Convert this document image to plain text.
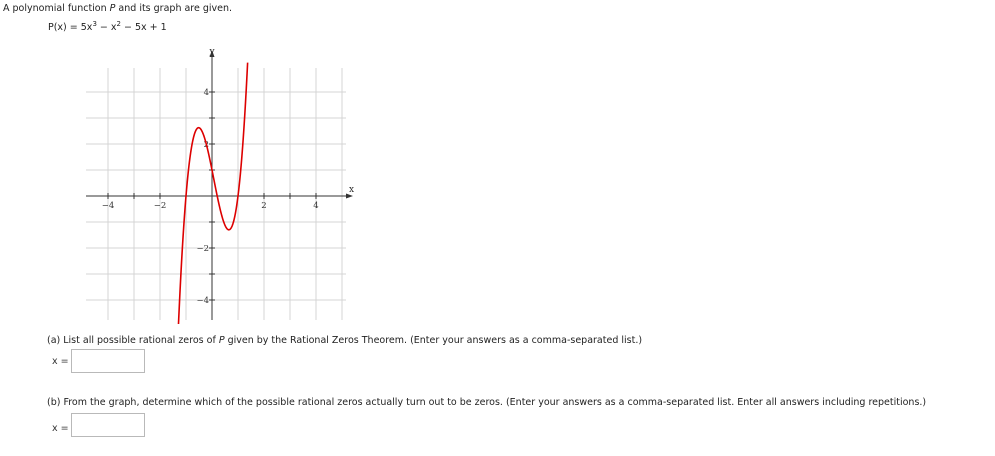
A polynomial function P and its graph are given.
$P(x) = 5x^3 - x^2 - 5x + 1$
x
y
−4	−2	2	4
4
2
−2
−4
(a) List all possible rational zeros of P given by the Rational Zeros Theorem. (Enter your answers as a comma-separated list.)
x =
(b) From the graph, determine which of the possible rational zeros actually turn out to be zeros. (Enter your answers as a comma-separated list. Enter all answers including repetitions.)
x =
